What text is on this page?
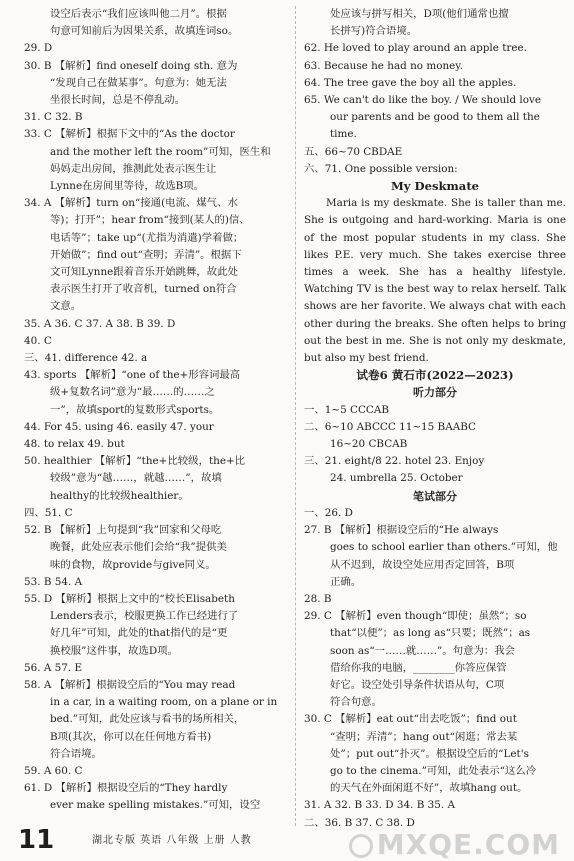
设空后表示“我们应该叫他二月”。根据
句意可知前后为因果关系，故填连词so。
29. D
30. B 【解析】find oneself doing sth. 意为
“发现自己在做某事”。句意为：她无法
坐很长时间，总是不停乱动。
31. C 32. B
33. C 【解析】根据下文中的“As the doctor
and the mother left the room”可知，医生和
妈妈走出房间，推测此处表示医生让
Lynne在房间里等待，故选B项。
34. A 【解析】turn on“接通(电流、煤气、水
等)；打开”；hear from“接到(某人的)信、
电话等”；take up“(尤指为消遣)学着做；
开始做”；find out“查明；弄清”。根据下
文可知Lynne跟着音乐开始跳舞，故此处
表示医生打开了收音机，turned on符合
文意。
35. A 36. C 37. A 38. B 39. D
40. C
三、41. difference 42. a
43. sports 【解析】“one of the+形容词最高
级+复数名词”意为“最……的……之
一”，故填sport的复数形式sports。
44. For 45. using 46. easily 47. your
48. to relax 49. but
50. healthier 【解析】“the+比较级，the+比
较级”意为“越……，就越……”，故填
healthy的比较级healthier。
四、51. C
52. B 【解析】上句提到“我”回家和父母吃
晚餐，此处应表示他们会给“我”提供美
味的食物，故provide与give同义。
53. B 54. A
55. D 【解析】根据上文中的“校长Elisabeth
Lenders表示，校服更换工作已经进行了
好几年”可知，此处的that指代的是“更
换校服”这件事，故选D项。
56. A 57. E
58. A 【解析】根据设空后的“You may read
in a car, in a waiting room, on a plane or in
bed.”可知，此处应该与看书的场所相关，
B项(其次，你可以在任何地方看书)
符合语境。
59. A 60. C
61. D 【解析】根据设空后的“They hardly
ever make spelling mistakes.”可知，设空
处应该与拼写相关，D项(他们通常也擅
长拼写)符合语境。
62. He loved to play around an apple tree.
63. Because he had no money.
64. The tree gave the boy all the apples.
65. We can't do like the boy. / We should love
our parents and be good to them all the
time.
五、66~70 CBDAE
六、71. One possible version:
My Deskmate
Maria is my deskmate. She is taller than me. She is outgoing and hard-working. Maria is one of the most popular students in my class. She likes P.E. very much. She takes exercise three times a week. She has a healthy lifestyle. Watching TV is the best way to relax herself. Talk shows are her favorite. We always chat with each other during the breaks. She often helps to bring out the best in me. She is not only my deskmate, but also my best friend.
试卷6 黄石市(2022—2023)
听力部分
一、1~5 CCCAB
二、6~10 ABCCC 11~15 BAABC
16~20 CBCAB
三、21. eight/8 22. hotel 23. Enjoy
24. umbrella 25. October
笔试部分
一、26. D
27. B 【解析】根据设空后的“He always
goes to school earlier than others.”可知，他
从不迟到，故设空处应用否定回答，B项
正确。
28. B
29. C 【解析】even though“即使；虽然”；so
that“以便”；as long as“只要；既然”；as
soon as“一……就……”。句意为：我会
借给你我的电脑，________你答应保管
好它。设空处引导条件状语从句，C项
符合句意。
30. C 【解析】eat out“出去吃饭”；find out
“查明；弄清”；hang out“闲逛；常去某
处”；put out“扑灭”。根据设空后的“Let's
go to the cinema.”可知，此处表示“这么冷
的天气在外面闲逛不好”，故填hang out。
31. A 32. B 33. D 34. B 35. A
二、36. B 37. C 38. D
11	湖北专版 英语 八年级 上册 人教	MXQE.COM
